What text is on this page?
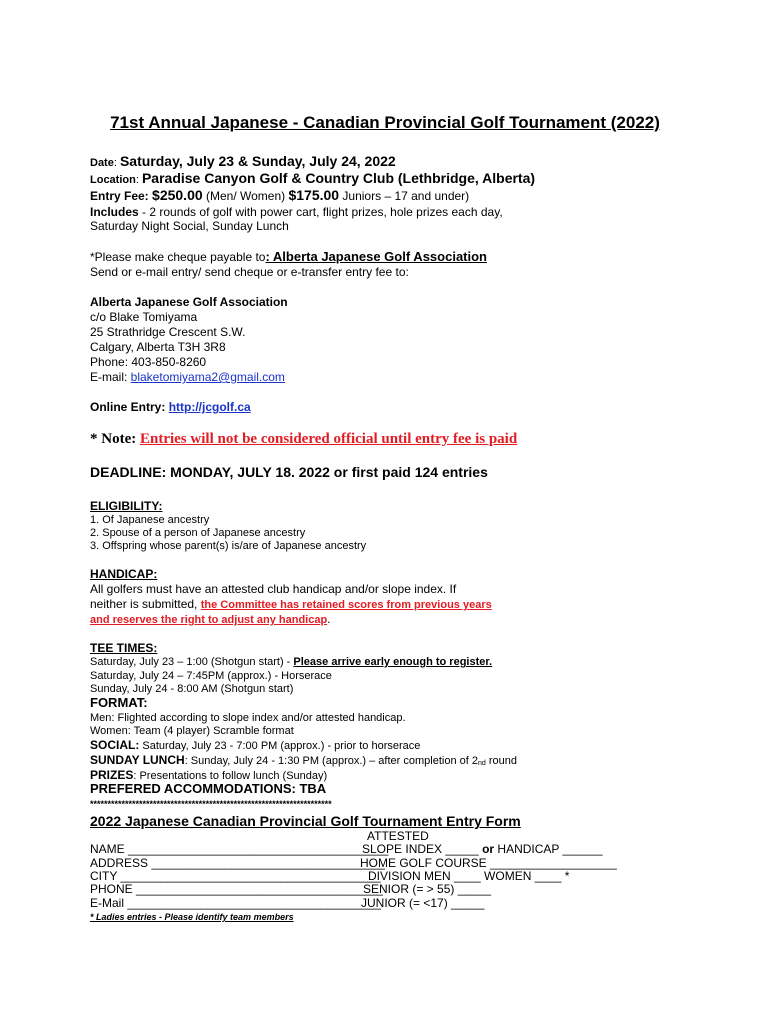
71st Annual Japanese - Canadian Provincial Golf Tournament (2022)
Date: Saturday, July 23 & Sunday, July 24, 2022
Location: Paradise Canyon Golf & Country Club (Lethbridge, Alberta)
Entry Fee: $250.00 (Men/ Women) $175.00 Juniors – 17 and under)
Includes - 2 rounds of golf with power cart, flight prizes, hole prizes each day,
Saturday Night Social, Sunday Lunch
*Please make cheque payable to: Alberta Japanese Golf Association
Send or e-mail entry/ send cheque or e-transfer entry fee to:
Alberta Japanese Golf Association
c/o Blake Tomiyama
25 Strathridge Crescent S.W.
Calgary, Alberta T3H 3R8
Phone: 403-850-8260
E-mail: blaketomiyama2@gmail.com
Online Entry: http://jcgolf.ca
* Note: Entries will not be considered official until entry fee is paid
DEADLINE: MONDAY, JULY 18. 2022 or first paid 124 entries
ELIGIBILITY:
1. Of Japanese ancestry
2. Spouse of a person of Japanese ancestry
3. Offspring whose parent(s) is/are of Japanese ancestry
HANDICAP:
All golfers must have an attested club handicap and/or slope index. If
neither is submitted, the Committee has retained scores from previous years
and reserves the right to adjust any handicap.
TEE TIMES:
Saturday, July 23 – 1:00 (Shotgun start) - Please arrive early enough to register.
Saturday, July 24 – 7:45PM (approx.) - Horserace
Sunday, July 24 - 8:00 AM (Shotgun start)
FORMAT:
Men: Flighted according to slope index and/or attested handicap.
Women: Team (4 player) Scramble format
SOCIAL: Saturday, July 23 - 7:00 PM (approx.) - prior to horserace
SUNDAY LUNCH: Sunday, July 24 - 1:30 PM (approx.) – after completion of $2_{nd}$ round
PRIZES: Presentations to follow lunch (Sunday)
PREFERED ACCOMMODATIONS: TBA
*********************************************************************
2022 Japanese Canadian Provincial Golf Tournament Entry Form
ATTESTED
NAME _______________________________________
SLOPE INDEX _____ or HANDICAP ______
ADDRESS ___________________________________
HOME GOLF COURSE ___________________
CITY _______________________________________
DIVISION MEN ____ WOMEN ____ *
PHONE _____________________________________
SENIOR (= > 55) _____
E-Mail ______________________________________
JUNIOR (= <17) _____
* Ladies entries - Please identify team members
